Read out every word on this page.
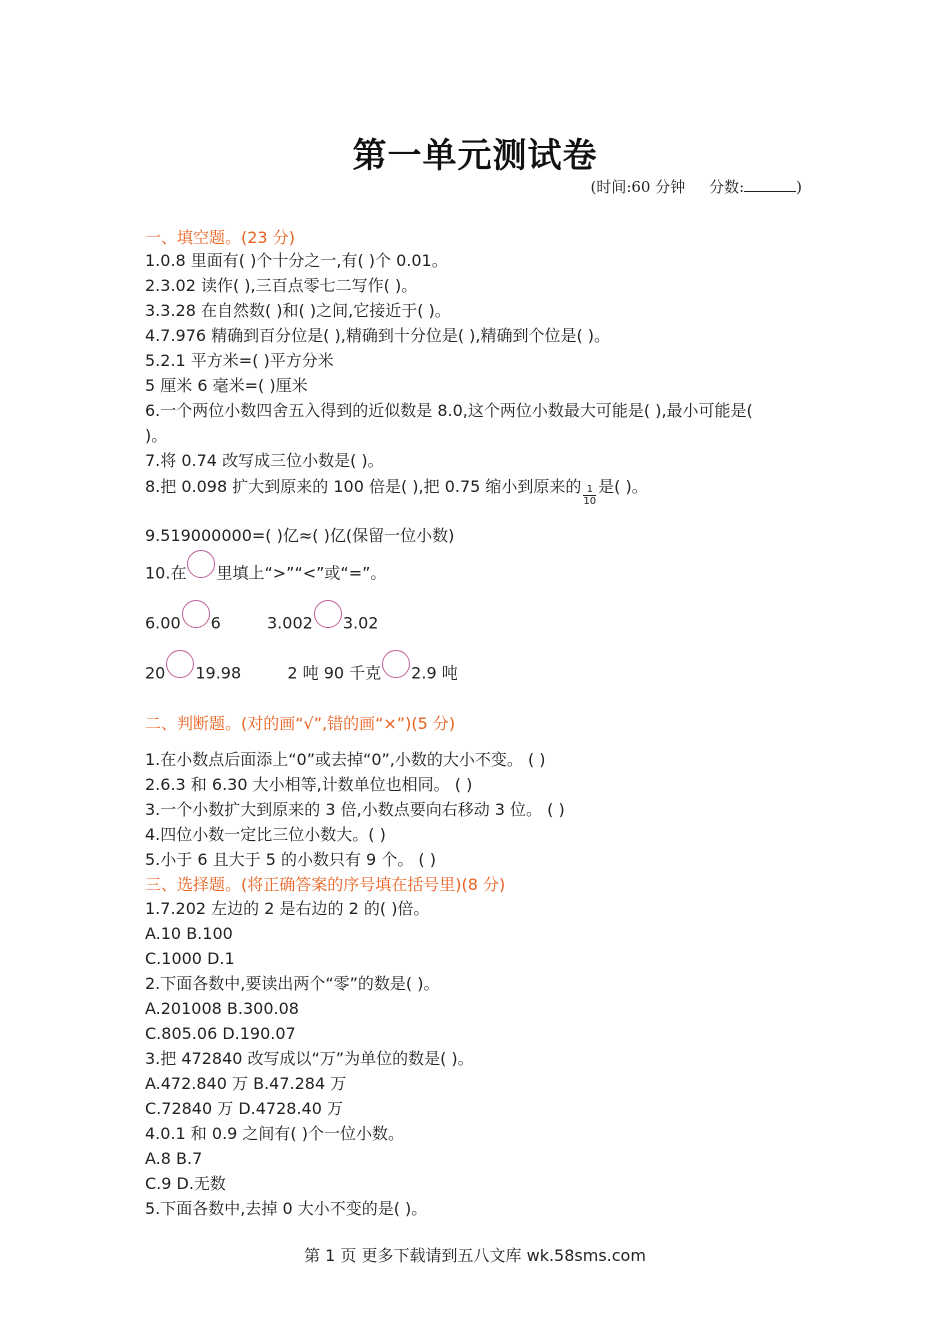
第一单元测试卷
(时间:60 分钟 分数:	)
一、填空题。(23 分)
1.0.8 里面有( )个十分之一,有( )个 0.01。
2.3.02 读作( ),三百点零七二写作( )。
3.3.28 在自然数( )和( )之间,它接近于( )。
4.7.976 精确到百分位是( ),精确到十分位是( ),精确到个位是( )。
5.2.1 平方米=( )平方分米
5 厘米 6 毫米=( )厘米
6.一个两位小数四舍五入得到的近似数是 8.0,这个两位小数最大可能是( ),最小可能是(
)。
7.将 0.74 改写成三位小数是( )。
8.把 0.098 扩大到原来的 100 倍是( ),把 0.75 缩小到原来的 $\frac{1}{10}$ 是( )。
9.519000000=( )亿≈( )亿(保留一位小数)
10.在 里填上“>”“<”或“=”。
6.00 6	3.002 3.02
20 19.98	2 吨 90 千克 2.9 吨
二、判断题。(对的画“√”,错的画“×”)(5 分)
1.在小数点后面添上“0”或去掉“0”,小数的大小不变。 ( )
2.6.3 和 6.30 大小相等,计数单位也相同。 ( )
3.一个小数扩大到原来的 3 倍,小数点要向右移动 3 位。 ( )
4.四位小数一定比三位小数大。( )
5.小于 6 且大于 5 的小数只有 9 个。 ( )
三、选择题。(将正确答案的序号填在括号里)(8 分)
1.7.202 左边的 2 是右边的 2 的( )倍。
A.10 B.100
C.1000 D.1
2.下面各数中,要读出两个“零”的数是( )。
A.201008 B.300.08
C.805.06 D.190.07
3.把 472840 改写成以“万”为单位的数是( )。
A.472.840 万 B.47.284 万
C.72840 万 D.4728.40 万
4.0.1 和 0.9 之间有( )个一位小数。
A.8 B.7
C.9 D.无数
5.下面各数中,去掉 0 大小不变的是( )。
第 1 页 更多下载请到五八文库 wk.58sms.com
